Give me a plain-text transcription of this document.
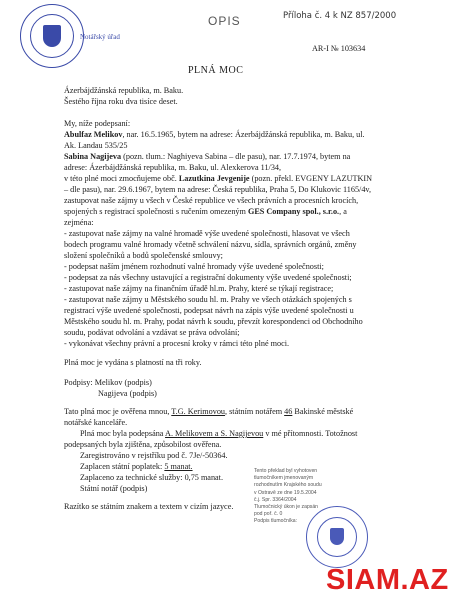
Notářský úřad
OPIS	Příloha č. 4 k NZ 857/2000
AR-I № 103634
PLNÁ MOC
Ázerbájdžánská republika, m. Baku.
Šestého října roku dva tisíce deset.
My, níže podepsaní:
Abulfaz Melikov, nar. 16.5.1965, bytem na adrese: Ázerbájdžánská republika, m. Baku, ul.
Ak. Landau 535/25
Sabina Nagijeva (pozn. tlum.: Naghiyeva Sabina – dle pasu), nar. 17.7.1974, bytem na
adrese: Ázerbájdžánská republika, m. Baku, ul. Alexkerova 11/34,
v této plné moci zmocňujeme obč. Lazutkina Jevgenije (pozn. překl. EVGENY LAZUTKIN
– dle pasu), nar. 29.6.1967, bytem na adrese: Česká republika, Praha 5, Do Klukovic 1165/4v,
zastupovat naše zájmy u všech v České republice ve všech právních a procesních krocích,
spojených s registrací společnosti s ručením omezeným GES Company spol., s.r.o., a
zejména:
- zastupovat naše zájmy na valné hromadě výše uvedené společnosti, hlasovat ve všech
bodech programu valné hromady včetně schválení názvu, sídla, správních orgánů, změny
složení společníků a bodů společenské smlouvy;
- podepsat naším jménem rozhodnutí valné hromady výše uvedené společnosti;
- podepsat za nás všechny ustavující a registrační dokumenty výše uvedené společnosti;
- zastupovat naše zájmy na finančním úřadě hl.m. Prahy, které se týkají registrace;
- zastupovat naše zájmy u Městského soudu hl. m. Prahy ve všech otázkách spojených s
registrací výše uvedené společnosti, podepsat návrh na zápis výše uvedené společnosti u
Městského soudu hl. m. Prahy, podat návrh k soudu, převzít korespondenci od Obchodního
soudu, podávat odvolání a vzdávat se práva odvolání;
- vykonávat všechny právní a procesní kroky v rámci této plné moci.
Plná moc je vydána s platností na tři roky.
Podpisy: Melikov (podpis)
Nagijeva (podpis)
Tato plná moc je ověřena mnou, T.G. Kerimovou, státním notářem 46 Bakinské městské
notářské kanceláře.
Plná moc byla podepsána A. Melikovem a S. Nagijevou v mé přítomnosti. Totožnost
podepsaných byla zjištěna, způsobilost ověřena.
Zaregistrováno v rejstříku pod č. 7Je/-50364.
Zaplacen státní poplatek: 5 manat.
Zaplaceno za technické služby: 0,75 manat.
Státní notář (podpis)
Razítko se státním znakem a textem v cizím jazyce.
Tento překlad byl vyhotoven
tlumočníkem jmenovaným
rozhodnutím Krajského soudu
v Ostravě ze dne 19.5.2004
č.j. Spr. 3364/2004
Tlumočnický úkon je zapsán
pod poř. č. 0
Podpis tlumočníka:
SIAM.AZ
